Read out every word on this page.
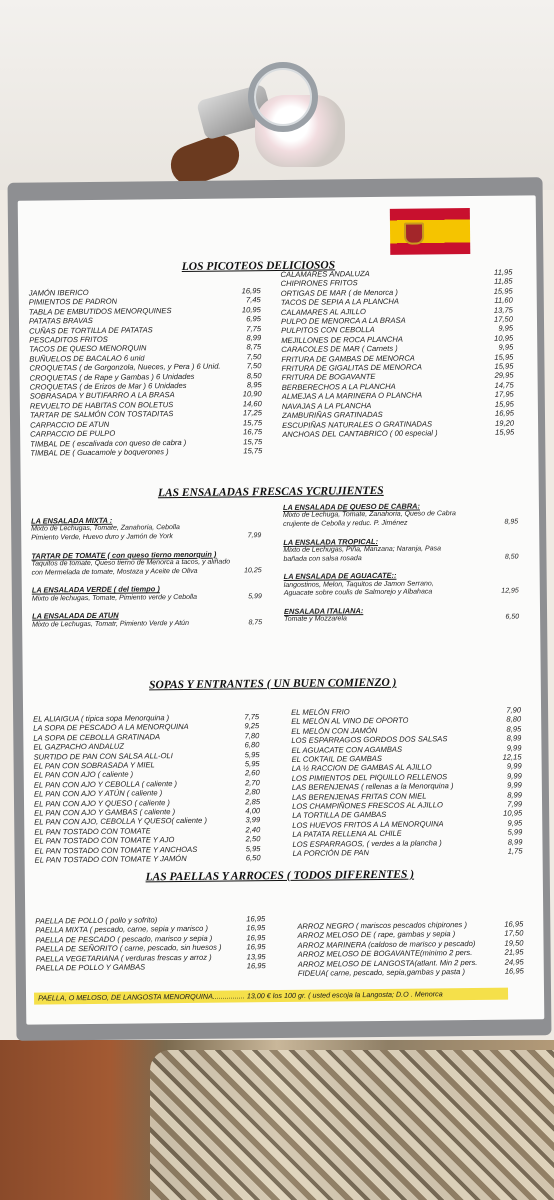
LOS PICOTEOS DELICIOSOS
JAMÓN IBERICO	16,95
PIMIENTOS DE PADRON	7,45
TABLA DE EMBUTIDOS MENORQUINES	10,95
PATATAS BRAVAS	6,95
CUÑAS DE TORTILLA DE PATATAS	7,75
PESCADITOS FRITOS	8,99
TACOS DE QUESO MENORQUIN	8,75
BUÑUELOS DE BACALAO 6 unid	7,50
CROQUETAS ( de Gorgonzola, Nueces, y Pera ) 6 Unid.	7,50
CROQUETAS ( de Rape y Gambas ) 6 Unidades	8,50
CROQUETAS ( de Erizos de Mar ) 6 Unidades	8,95
SOBRASADA Y BUTIFARRO A LA BRASA	10,90
REVUELTO DE HABITAS CON BOLETUS	14,60
TARTAR DE SALMÓN CON TOSTADITAS	17,25
CARPACCIO DE ATUN	15,75
CARPACCIO DE PULPO	16,75
TIMBAL DE ( escalivada con queso de cabra )	15,75
TIMBAL DE ( Guacamole y boquerones )	15,75
CALAMARES ANDALUZA	11,95
CHIPIRONES FRITOS	11,85
ORTIGAS DE MAR ( de Menorca )	15,95
TACOS DE SEPIA A LA PLANCHA	11,60
CALAMARES AL AJILLO	13,75
PULPO DE MENORCA A LA BRASA	17,50
PULPITOS CON CEBOLLA	9,95
MEJILLONES DE ROCA PLANCHA	10,95
CARACOLES DE MAR ( Carnets )	9,95
FRITURA DE GAMBAS DE MENORCA	15,95
FRITURA DE GIGALITAS DE MENORCA	15,95
FRITURA DE BOGAVANTE	29,95
BERBERECHOS A LA PLANCHA	14,75
ALMEJAS A LA MARINERA O PLANCHA	17,95
NAVAJAS A LA PLANCHA	15,95
ZAMBURIÑAS GRATINADAS	16,95
ESCUPIÑAS NATURALES O GRATINADAS	19,20
ANCHOAS DEL CANTABRICO ( 00 especial )	15,95
LAS ENSALADAS FRESCAS YCRUJIENTES
LA ENSALADA MIXTA :
Mixto de Lechugas, Tomate, Zanahoria, Cebolla
Pimiento Verde, Huevo duro y Jamón de York	7,99
TARTAR DE TOMATE ( con queso tierno menorquin )
Taquitos de tomate, Queso tierno de Menorca a tacos, y aliñado
con Mermelada de tomate, Mostaza y Aceite de Oliva	10,25
LA ENSALADA VERDE ( del tiempo )
Mixto de lechugas, Tomate, Pimiento verde y Cebolla	5,99
LA ENSALADA DE ATUN
Mixto de Lechugas, Tomatr, Pimiento Verde y Atún	8,75
LA ENSALADA DE QUESO DE CABRA:
Mixto de Lechuga, Tomate, Zanahoria, Queso de Cabra
crujiente de Cebolla y reduc. P. Jiménez	8,95
LA ENSALADA TROPICAL:
Mixto de Lechugas, Piña, Manzana; Naranja, Pasa
bañada con salsa rosada	8,50
LA ENSALADA DE AGUACATE::
langostinos, Melon, Taquitos de Jamon Serrano,
Aguacate sobre coulis de Salmorejo y Albahaca	12,95
ENSALADA ITALIANA:
Tomate y Mozzarela	6,50
SOPAS Y ENTRANTES ( UN BUEN COMIENZO )
EL ALIAIGUA ( típica sopa Menorquina )	7,75
LA SOPA DE PESCADO A LA MENORQUINA	9,25
LA SOPA DE CEBOLLA GRATINADA	7,80
EL GAZPACHO ANDALUZ	6,80
SURTIDO DE PAN CON SALSA ALL-OLI	5,95
EL PAN CON SOBRASADA Y MIEL	5,95
EL PAN CON AJO ( caliente )	2,60
EL PAN CON AJO Y CEBOLLA ( caliente )	2,70
EL PAN CON AJO Y ATÚN ( caliente )	2,80
EL PAN CON AJO Y QUESO ( caliente )	2,85
EL PAN CON AJO Y GAMBAS ( caliente )	4,00
EL PAN CON AJO, CEBOLLA Y QUESO( caliente )	3,99
EL PAN TOSTADO CON TOMATE	2,40
EL PAN TOSTADO CON TOMATE Y AJO	2,50
EL PAN TOSTADO CON TOMATE Y ANCHOAS	5,95
EL PAN TOSTADO CON TOMATE Y JAMÓN	6,50
EL MELÓN FRIO	7,90
EL MELÓN AL VINO DE OPORTO	8,80
EL MELÓN CON JAMÓN	8,95
LOS ESPARRAGOS GORDOS DOS SALSAS	8,99
EL AGUACATE CON AGAMBAS	9,99
EL COKTAIL DE GAMBAS	12,15
LA ½ RACCION DE GAMBAS AL AJILLO	9,99
LOS PIMIENTOS DEL PIQUILLO RELLENOS	9,99
LAS BERENJENAS ( rellenas a la Menorquina )	9,99
LAS BERENJENAS FRITAS CON MIEL	8,99
LOS CHAMPIÑONES FRESCOS AL AJILLO	7,99
LA TORTILLA DE GAMBAS	10,95
LOS HUEVOS FRITOS A LA MENORQUINA	9,95
LA PATATA RELLENA AL CHILE	5,99
LOS ESPARRAGOS, ( verdes a la plancha )	8,99
LA PORCIÓN DE PAN	1,75
LAS PAELLAS Y ARROCES ( TODOS DIFERENTES )
PAELLA DE POLLO ( pollo y sofrito)	16,95
PAELLA MIXTA ( pescado, carne, sepia y marisco )	16,95
PAELLA DE PESCADO ( pescado, marisco y sepia )	16,95
PAELLA DE SEÑORITO ( carne, pescado, sin huesos )	16,95
PAELLA VEGETARIANA ( verduras frescas y arroz )	13,95
PAELLA DE POLLO Y GAMBAS	16,95
ARROZ NEGRO ( mariscos pescados chipirones )	16,95
ARROZ MELOSO DE ( rape, gambas y sepia )	17,50
ARROZ MARINERA (caldoso de marisco y pescado)	19,50
ARROZ MELOSO DE BOGAVANTE(minimo 2 pers.	21,95
ARROZ MELOSO DE LANGOSTA(atlant. Min 2 pers.	24,95
FIDEUA( carne, pescado, sepia,gambas y pasta )	16,95
PAELLA, O MELOSO, DE LANGOSTA MENORQUINA................ 13,00 € los 100 gr. ( usted escoja la Langosta; D.O . Menorca
